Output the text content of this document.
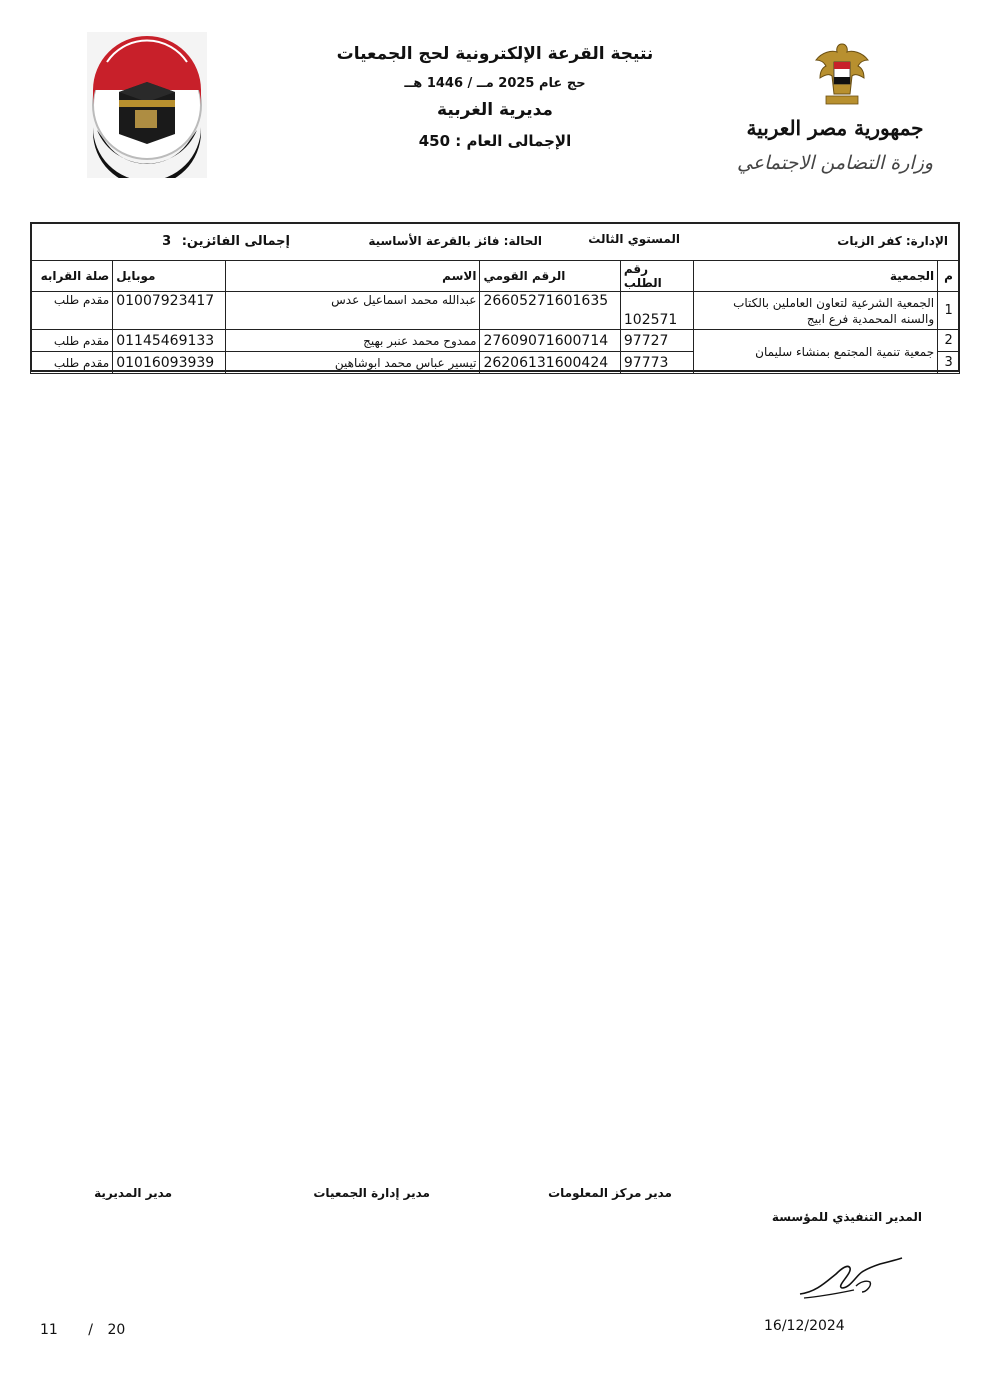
نتيجة القرعة الإلكترونية لحج الجمعيات
حج عام 2025 مــ / 1446 هــ
مديرية الغربية
الإجمالى العام : 450
جمهورية مصر العربية
وزارة التضامن الاجتماعي
الإدارة: كفر الزيات
المستوي الثالث
الحالة: فائز بالقرعة الأساسية
إجمالى الفائزين: 3
م	الجمعية	رقم الطلب	الرقم القومي	الاسم	موبايل	صلة القرابه
1	الجمعية الشرعية لتعاون العاملين بالكتاب والسنه المحمدية فرع ابيج	102571	26605271601635	عبدالله محمد اسماعيل عدس	01007923417	مقدم طلب
2	جمعية تنمية المجتمع بمنشاء سليمان	97727	27609071600714	ممدوح محمد عنبر بهيج	01145469133	مقدم طلب
3		97773	26206131600424	تيسير عباس محمد ابوشاهين	01016093939	مقدم طلب
مدير المديرية	مدير إدارة الجمعيات	مدير مركز المعلومات
المدير التنفيذي للمؤسسة
11 / 20	16/12/2024
